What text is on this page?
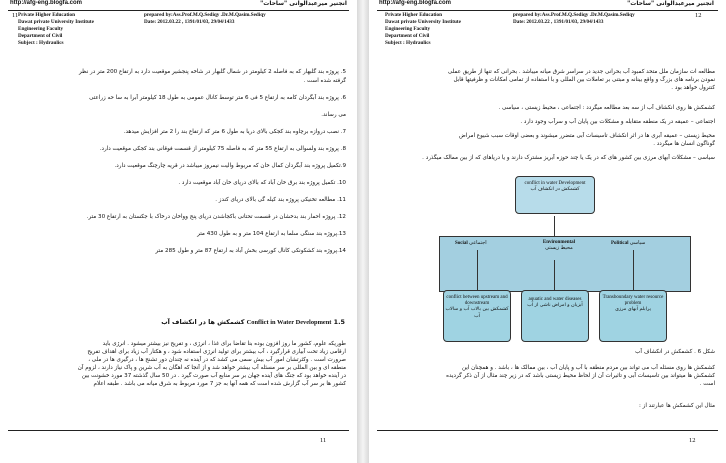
http://afg-eng.blogfa.com	انجنیر میرعبدالوانی "ساحات"
11	prepared by:Ass.Prof.M.Q.Sediqy .Dr.M.Qasim.Sediqy
Date: 2012.03.22 , 1391/01/03, 29/04/1433
Private Higher Education
Dawat private University Institute
Engineering Faculty
Department of Civil
Subject : Hydraulics
5. پروژه بند گلبهار که به فاصله 2 کیلومتر در شمال گلبهار در شاخه پنجشیر موقعیت دارد به ارتفاع 200 متر در نظر
گرفته شده است .
6. پروژه بند آبگردان کامه به ارتفاع 5 فی 6 متر توسط کانال عمومی به طول 18 کیلومتر آبرا به سا حه زراعتی
می رساند.
7. نصب دروازه برچاوه بند کجکی بالای دریا به طول 6 متر که ارتفاع بند را 2 متر افزایش میدهد.
8. پروژه بند ولسوالی به ارتفاع 55 متر که به فاصله 75 کیلومتر از قسمت فوقانی بند کجکی موقعیت دارد.
9.تکمیل پروژه بند آبگردان کمال خان که مربوط والیت نیمروز میباشد در قریه چارچنگ موقعیت دارد.
10. تکمیل پروژه بند برق خان آباد که بالای دریای خان آباد موقعیت دارد .
11. مطالعه تخنیکی پروژه بند کیله گی بالای دریای کندز .
12. پروژه احمار بند بدخشان در قسمت تحتانی باکجاشدن دریای پنج وواخان درخاک با جکستان به ارتفاع 30 متر.
13.پروژه بند سنگی سلما به ارتفاع 104 متر و به طول 430 متر
14.پروژه بند کشکونکی کانال کورسی بخش آباد به ارتفاع 87 متر و طول 285 متر
1.5 Conflict in Water Development کشمکش ها در انکشاف آب
طوریکه علوم، کشور ما روز افزون بوده بنا تقاضا برای غذا ، انرژی ، و تفریح نیز بیشتر میشود . انرژی باید
ارقامی زیاد تحت آبیاری قرارگیرد ، آب بیشتر برای تولید انرژی استفاده شود ، و هکتار آب زیاد برای اهداف تفریح
صرورت است . وکثرتشان امور آب بیش سمی می کشد که در آینده نه چندان دور تشنج ها ، درگیری ها در ملی ،
منطقه ای و بین المللی بر سر مسئله آب بیشتر خواهد شد و از آنجا که اهگان به آب شرین و پاک نیاز دارند ، لزوم آن
در آینده خواهد بود که جنگ های آینده جهان بر سر منابع آب صورت گیرد . در 50 سال گذشته 37 مورد خشونت بین
کشور ها بر سر آب گزارش شده است که همه آنها به جز 7 مورد مربوط به شرق میانه می باشد . طبقه اعلام
11
http://afg-eng.blogfa.com	انجنیر میرعبدالوانی "ساحات"
Private Higher Education
Dawat private University Institute
Engineering Faculty
Department of Civil
Subject : Hydraulics
prepared by:Ass.Prof.M.Q.Sediqy .Dr.M.Qasim.Sediqy
Date: 2012.03.22 , 1391/01/03, 29/04/1433
12
مطالعه ات سازمان ملل متحد کمبود آب بحرانی جدید در سراسر شرق میانه میباشد . بحرانی که تنها از طریق عملی
نمودن برنامه های بزرگ و واقع بینانه و مبتنی بر تعاملات بین المللی و با استفاده از تمامی امکانات و ظرفیتها قابل
کنترول خواهد بود .
کشمکش ها روی انکشاف آب از سه بعد مطالعه میگردد : اجتماعی ، محیط زیستی ، سیاسی .
اجتماعی – عمیقه در یک منطقه متقابله و مشکلات بین پایان آب و سرآب وجود دارد .
محیط زیستی – عمیقه آبری ها در اثر انکشاف تاسیسات آبی متضرر میشوند و بعضی اوقات سبب شیوع امراض
گوناگون انسان ها میگردد .
سیاسی – مشکلات آبهای مرزی بین کشور های که در یک یا چند حوزه آبریز مشترک دارند و یا دریاهای که از بین ممالک میگذرد .
conflict in water Development
کشمکش در انکشاف آب
Social اجتماعی	Environmental
محیط زیستی
Political سیاسی
conflict between upstream and downstream
کشمکش بین بالاب آب و سالاب آب
aquatic and water diseases
آبزیان و امراض ناشی از آب
Transboundary water resource problem
پرابلم آبهای مرزی
شکل 6 . کشمکش در انکشاف آب
کشمکش ها روی مسئله آب می تواند بین مردم منطقه با آب و پایان آب ، بین ممالک ها ، باشد . و همچنان این
کشمکش ها میتواند بین تاسیسات آبی و تاثیرات آن از لحاظ محیط زیستی باشد که در زیر چند مثال از آن ذکر گردیده
است .
مثال این کشمکش ها عبارتند از :
12
